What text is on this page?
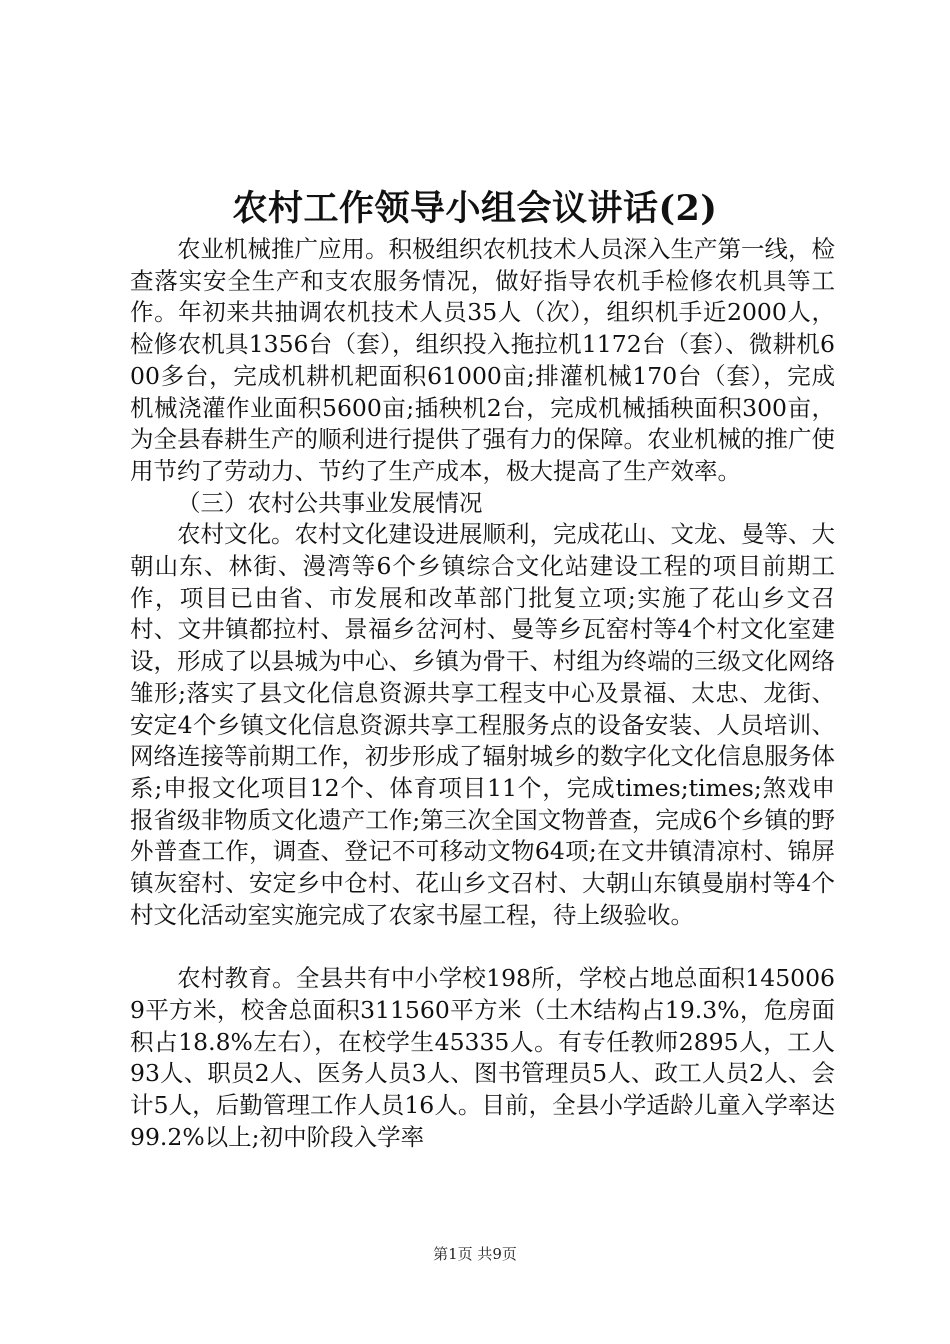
农村工作领导小组会议讲话(2)

农业机械推广应用。积极组织农机技术人员深入生产第一线，检查落实安全生产和支农服务情况，做好指导农机手检修农机具等工作。年初来共抽调农机技术人员35人（次），组织机手近2000人，检修农机具1356台（套），组织投入拖拉机1172台（套）、微耕机600多台，完成机耕机耙面积61000亩;排灌机械170台（套），完成机械浇灌作业面积5600亩;插秧机2台，完成机械插秧面积300亩，为全县春耕生产的顺利进行提供了强有力的保障。农业机械的推广使用节约了劳动力、节约了生产成本，极大提高了生产效率。

（三）农村公共事业发展情况

农村文化。农村文化建设进展顺利，完成花山、文龙、曼等、大朝山东、林街、漫湾等6个乡镇综合文化站建设工程的项目前期工作，项目已由省、市发展和改革部门批复立项;实施了花山乡文召村、文井镇都拉村、景福乡岔河村、曼等乡瓦窑村等4个村文化室建设，形成了以县城为中心、乡镇为骨干、村组为终端的三级文化网络雏形;落实了县文化信息资源共享工程支中心及景福、太忠、龙街、安定4个乡镇文化信息资源共享工程服务点的设备安装、人员培训、网络连接等前期工作，初步形成了辐射城乡的数字化文化信息服务体系;申报文化项目12个、体育项目11个，完成times;times;煞戏申报省级非物质文化遗产工作;第三次全国文物普查，完成6个乡镇的野外普查工作，调查、登记不可移动文物64项;在文井镇清凉村、锦屏镇灰窑村、安定乡中仓村、花山乡文召村、大朝山东镇曼崩村等4个村文化活动室实施完成了农家书屋工程，待上级验收。

农村教育。全县共有中小学校198所，学校占地总面积1450069平方米，校舍总面积311560平方米（土木结构占19.3%，危房面积占18.8%左右），在校学生45335人。有专任教师2895人，工人93人、职员2人、医务人员3人、图书管理员5人、政工人员2人、会计5人，后勤管理工作人员16人。目前，全县小学适龄儿童入学率达99.2%以上;初中阶段入学率

第1页 共9页
